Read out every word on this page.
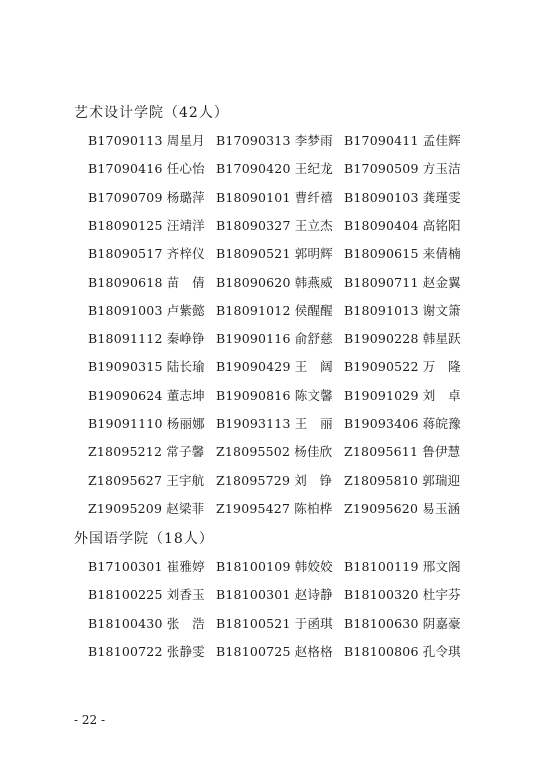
艺术设计学院（42人）
B17090113 周星月 B17090313 李梦雨 B17090411 孟佳辉
B17090416 任心怡 B17090420 王纪龙 B17090509 方玉洁
B17090709 杨璐萍 B18090101 曹纤禧 B18090103 龚瑾雯
B18090125 汪靖洋 B18090327 王立杰 B18090404 高铭阳
B18090517 齐梓仪 B18090521 郭明辉 B18090615 来倩楠
B18090618 苗　倩 B18090620 韩燕威 B18090711 赵金翼
B18091003 卢紫懿 B18091012 侯醒醒 B18091013 谢文箫
B18091112 秦峥铮 B19090116 俞舒慈 B19090228 韩星跃
B19090315 陆长瑜 B19090429 王　阔 B19090522 万　隆
B19090624 董志坤 B19090816 陈文馨 B19091029 刘　卓
B19091110 杨丽娜 B19093113 王　丽 B19093406 蒋皖豫
Z18095212 常子馨 Z18095502 杨佳欣 Z18095611 鲁伊慧
Z18095627 王宇航 Z18095729 刘　铮 Z18095810 郭瑞迎
Z19095209 赵梁菲 Z19095427 陈柏桦 Z19095620 易玉涵
外国语学院（18人）
B17100301 崔雅婷 B18100109 韩姣姣 B18100119 邢文阁
B18100225 刘香玉 B18100301 赵诗静 B18100320 杜宇芬
B18100430 张　浩 B18100521 于函琪 B18100630 阴嘉豪
B18100722 张静雯 B18100725 赵格格 B18100806 孔令琪
- 22 -
